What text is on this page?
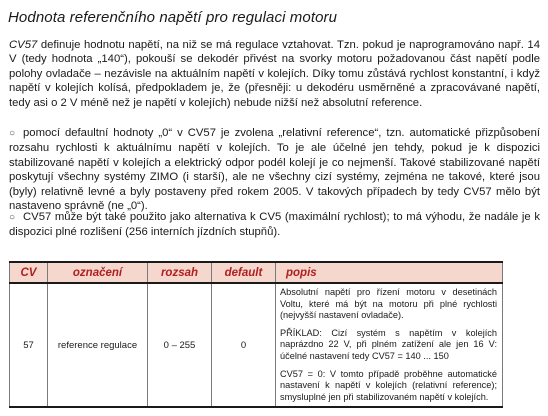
Hodnota referenčního napětí pro regulaci motoru
CV57 definuje hodnotu napětí, na niž se má regulace vztahovat. Tzn. pokud je naprogramováno např. 14 V (tedy hodnota „140“), pokouší se dekodér přivést na svorky motoru požadovanou část napětí podle polohy ovladače – nezávisle na aktuálním napětí v kolejích. Díky tomu zůstává rychlost konstantní, i když napětí v kolejích kolísá, předpokladem je, že (přesněji: u dekodéru usměrněné a zpracovávané napětí, tedy asi o 2 V méně než je napětí v kolejích) nebude nižší než absolutní reference.
○ pomocí defaultní hodnoty „0“ v CV57 je zvolena „relativní reference“, tzn. automatické přizpůsobení rozsahu rychlosti k aktuálnímu napětí v kolejích. To je ale účelné jen tehdy, pokud je k dispozici stabilizované napětí v kolejích a elektrický odpor podél kolejí je co nejmenší. Takové stabilizované napětí poskytují všechny systémy ZIMO (i starší), ale ne všechny cizí systémy, zejména ne takové, které jsou (byly) relativně levné a byly postaveny před rokem 2005. V takových případech by tedy CV57 mělo být nastaveno správně (ne „0“).
○ CV57 může být také použito jako alternativa k CV5 (maximální rychlost); to má výhodu, že nadále je k dispozici plné rozlišení (256 interních jízdních stupňů).
CV	označení	rozsah	default	popis
57	reference regulace	0 – 255	0	Absolutní napětí pro řízení motoru v desetinách Voltu, které má být na motoru při plné rychlosti (nejvyšší nastavení ovladače).

PŘÍKLAD: Cizí systém s napětím v kolejích naprázdno 22 V, při plném zatížení ale jen 16 V: účelné nastavení tedy CV57 = 140 ... 150

CV57 = 0: V tomto případě proběhne automatické nastavení k napětí v kolejích (relativní reference); smysluplné jen při stabilizovaném napětí v kolejích.
